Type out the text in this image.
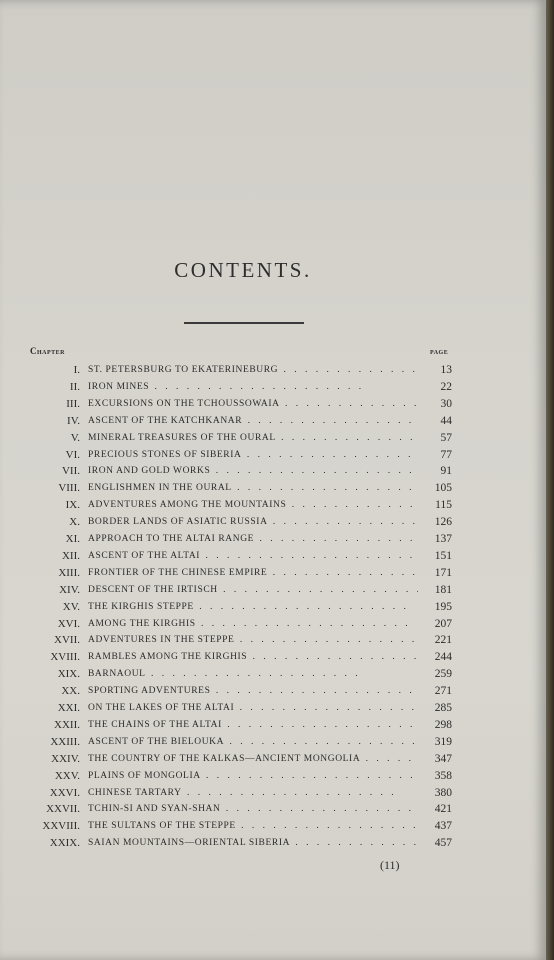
CONTENTS.
Chapter	page
I. ST. PETERSBURG TO EKATERINEBURG . .	13
II. IRON MINES . .	22
III. EXCURSIONS ON THE TCHOUSSOWAIA . .	30
IV. ASCENT OF THE KATCHKANAR . .	44
V. MINERAL TREASURES OF THE OURAL . .	57
VI. PRECIOUS STONES OF SIBERIA . .	77
VII. IRON AND GOLD WORKS . .	91
VIII. ENGLISHMEN IN THE OURAL . .	105
IX. ADVENTURES AMONG THE MOUNTAINS . .	115
X. BORDER LANDS OF ASIATIC RUSSIA . .	126
XI. APPROACH TO THE ALTAI RANGE . .	137
XII. ASCENT OF THE ALTAI . .	151
XIII. FRONTIER OF THE CHINESE EMPIRE . .	171
XIV. DESCENT OF THE IRTISCH . .	181
XV. THE KIRGHIS STEPPE . .	195
XVI. AMONG THE KIRGHIS . .	207
XVII. ADVENTURES IN THE STEPPE . .	221
XVIII. RAMBLES AMONG THE KIRGHIS . .	244
XIX. BARNAOUL . .	259
XX. SPORTING ADVENTURES . .	271
XXI. ON THE LAKES OF THE ALTAI . .	285
XXII. THE CHAINS OF THE ALTAI . .	298
XXIII. ASCENT OF THE BIELOUKA . .	319
XXIV. THE COUNTRY OF THE KALKAS—ANCIENT MONGOLIA . .	347
XXV. PLAINS OF MONGOLIA . .	358
XXVI. CHINESE TARTARY . .	380
XXVII. TCHIN-SI AND SYAN-SHAN . .	421
XXVIII. THE SULTANS OF THE STEPPE . .	437
XXIX. SAIAN MOUNTAINS—ORIENTAL SIBERIA . .	457
(11)
